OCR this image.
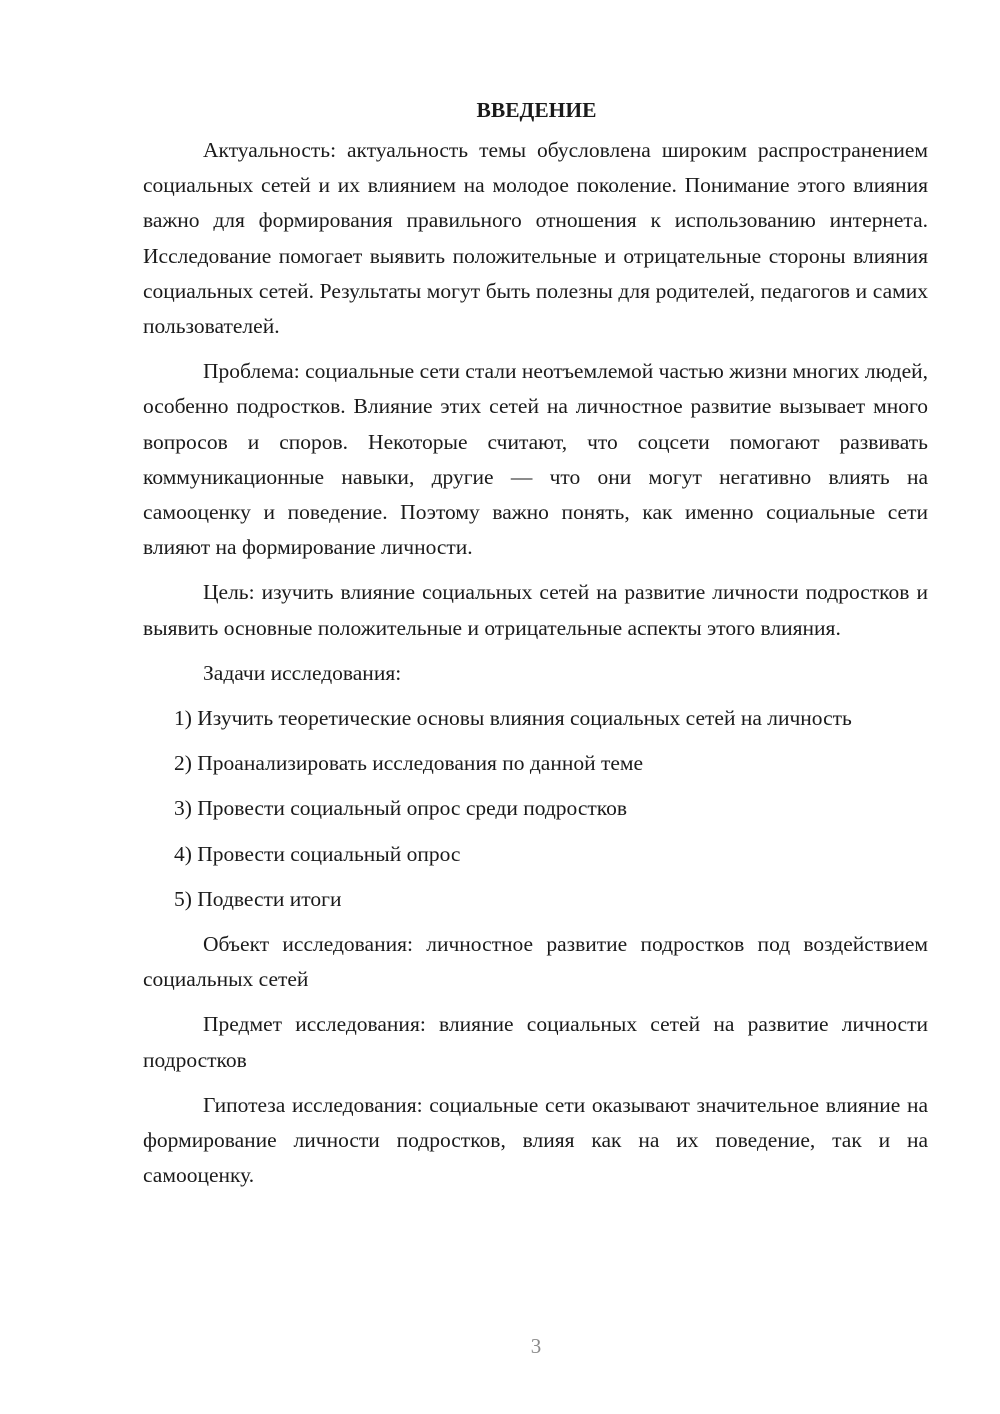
ВВЕДЕНИЕ

Актуальность: актуальность темы обусловлена широким распространением социальных сетей и их влиянием на молодое поколение. Понимание этого влияния важно для формирования правильного отношения к использованию интернета. Исследование помогает выявить положительные и отрицательные стороны влияния социальных сетей. Результаты могут быть полезны для родителей, педагогов и самих пользователей.

Проблема: социальные сети стали неотъемлемой частью жизни многих людей, особенно подростков. Влияние этих сетей на личностное развитие вызывает много вопросов и споров. Некоторые считают, что соцсети помогают развивать коммуникационные навыки, другие — что они могут негативно влиять на самооценку и поведение. Поэтому важно понять, как именно социальные сети влияют на формирование личности.

Цель: изучить влияние социальных сетей на развитие личности подростков и выявить основные положительные и отрицательные аспекты этого влияния.

Задачи исследования:

1) Изучить теоретические основы влияния социальных сетей на личность

2) Проанализировать исследования по данной теме

3) Провести социальный опрос среди подростков

4) Провести социальный опрос

5) Подвести итоги

Объект исследования: личностное развитие подростков под воздействием социальных сетей

Предмет исследования: влияние социальных сетей на развитие личности подростков

Гипотеза исследования: социальные сети оказывают значительное влияние на формирование личности подростков, влияя как на их поведение, так и на самооценку.

3
